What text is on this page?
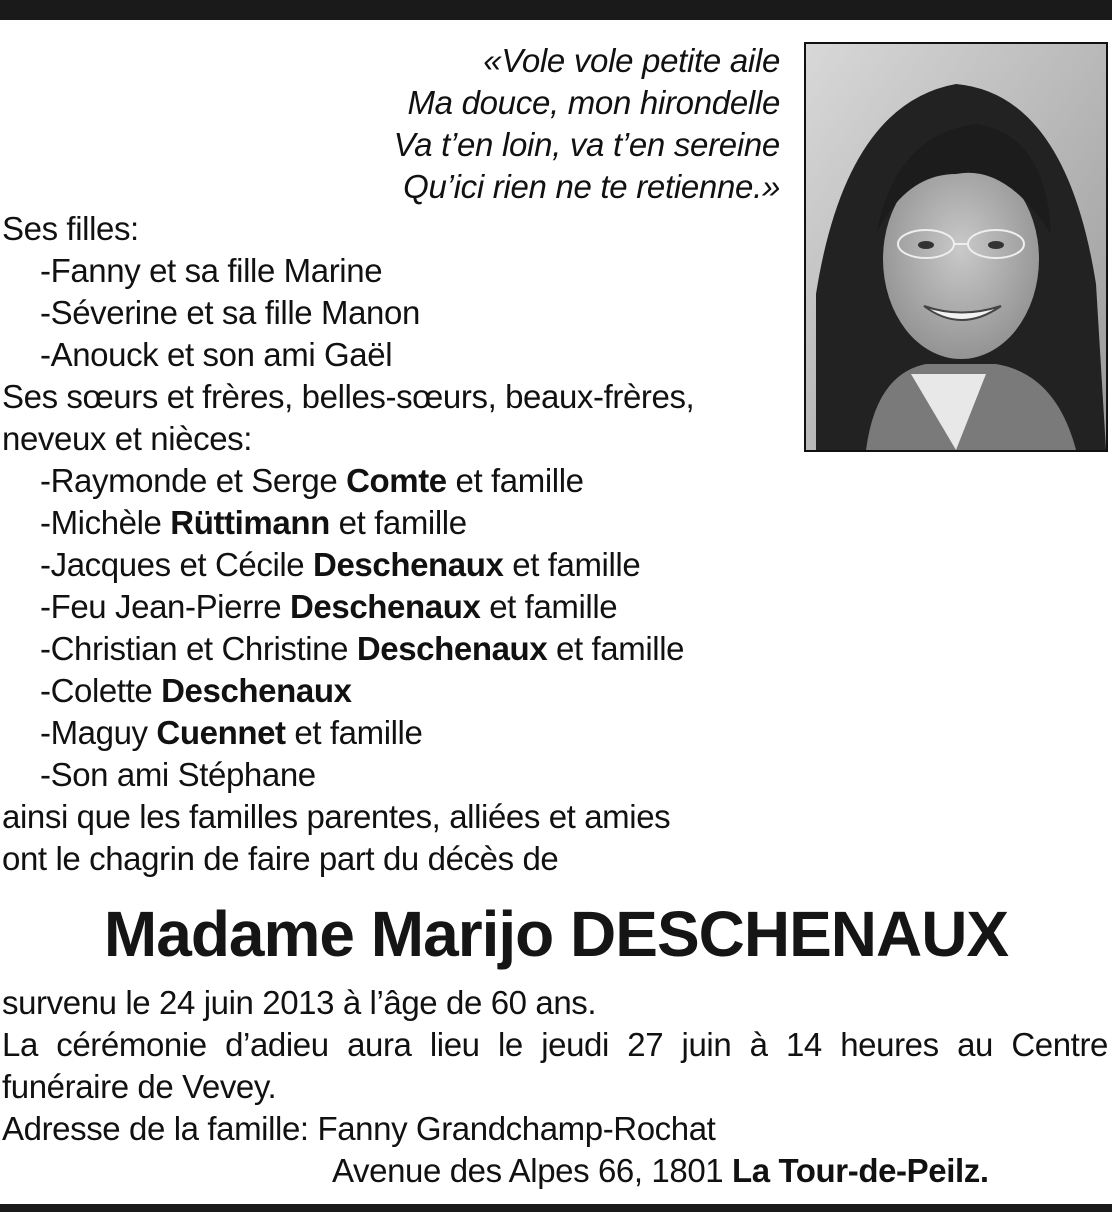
«Vole vole petite aile
Ma douce, mon hirondelle
Va t’en loin, va t’en sereine
Qu’ici rien ne te retienne.»
Ses filles:
-Fanny et sa fille Marine
-Séverine et sa fille Manon
-Anouck et son ami Gaël
Ses sœurs et frères, belles-sœurs, beaux-frères,
neveux et nièces:
-Raymonde et Serge Comte et famille
-Michèle Rüttimann et famille
-Jacques et Cécile Deschenaux et famille
-Feu Jean-Pierre Deschenaux et famille
-Christian et Christine Deschenaux et famille
-Colette Deschenaux
-Maguy Cuennet et famille
-Son ami Stéphane
ainsi que les familles parentes, alliées et amies
ont le chagrin de faire part du décès de
Madame Marijo DESCHENAUX
survenu le 24 juin 2013 à l’âge de 60 ans.
La cérémonie d’adieu aura lieu le jeudi 27 juin à 14 heures au Centre funéraire de Vevey.
Adresse de la famille: Fanny Grandchamp-Rochat
Avenue des Alpes 66, 1801 La Tour-de-Peilz.
